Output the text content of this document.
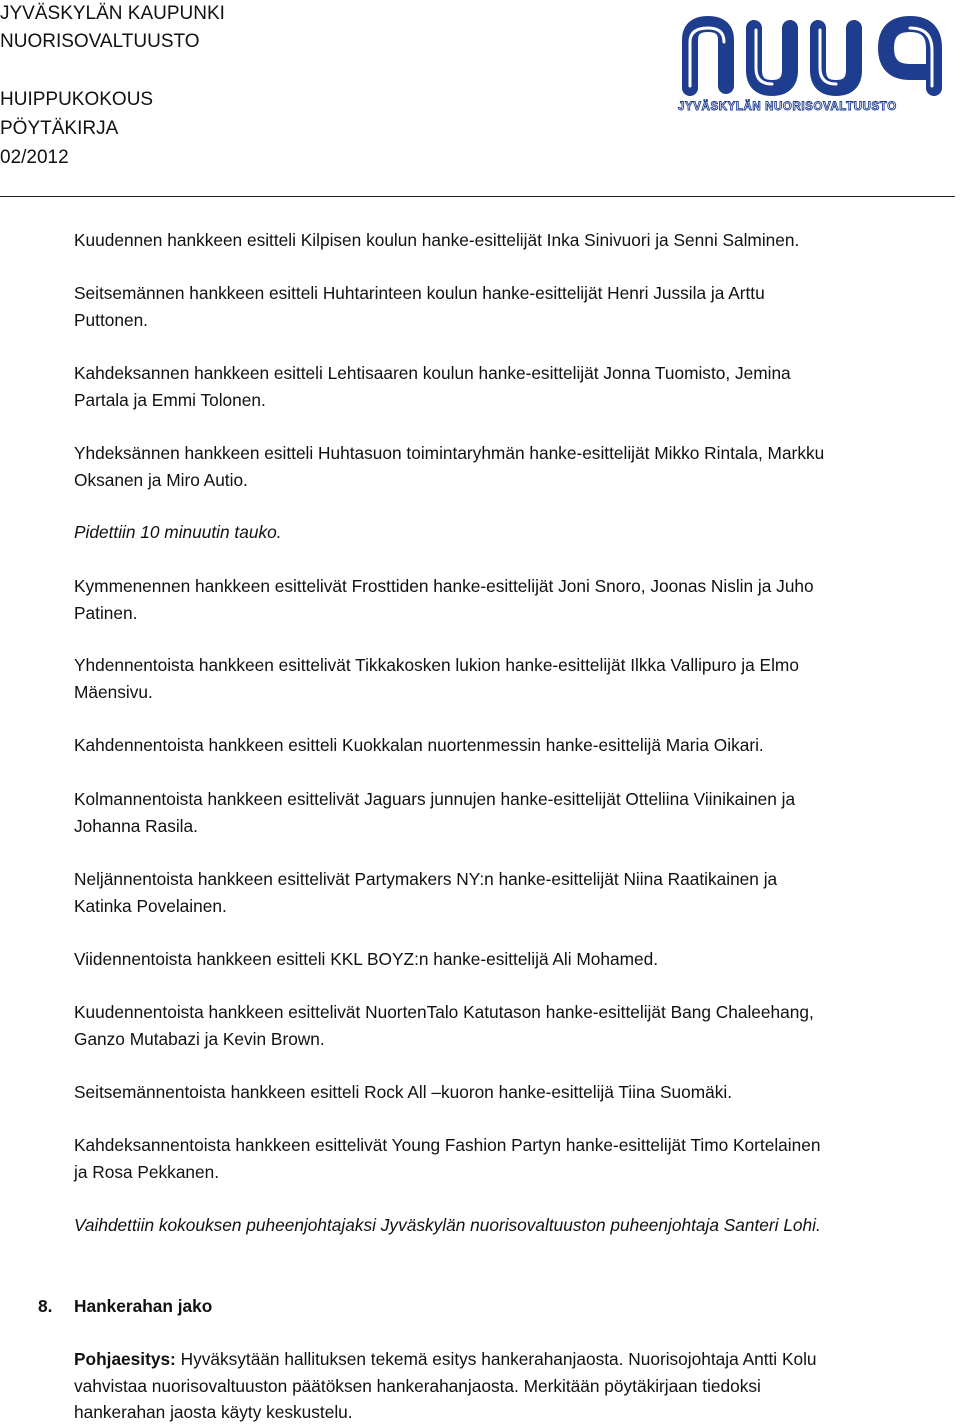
JYVÄSKYLÄN KAUPUNKI
NUORISOVALTUUSTO
HUIPPUKOKOUS
PÖYTÄKIRJA
02/2012
JYVÄSKYLÄN NUORISOVALTUUSTO
Kuudennen hankkeen esitteli Kilpisen koulun hanke-esittelijät Inka Sinivuori ja Senni Salminen.
Seitsemännen hankkeen esitteli Huhtarinteen koulun hanke-esittelijät Henri Jussila ja Arttu
Puttonen.
Kahdeksannen hankkeen esitteli Lehtisaaren koulun hanke-esittelijät Jonna Tuomisto, Jemina
Partala ja Emmi Tolonen.
Yhdeksännen hankkeen esitteli Huhtasuon toimintaryhmän hanke-esittelijät Mikko Rintala, Markku
Oksanen ja Miro Autio.
Pidettiin 10 minuutin tauko.
Kymmenennen hankkeen esittelivät Frosttiden hanke-esittelijät Joni Snoro, Joonas Nislin ja Juho
Patinen.
Yhdennentoista hankkeen esittelivät Tikkakosken lukion hanke-esittelijät Ilkka Vallipuro ja Elmo
Mäensivu.
Kahdennentoista hankkeen esitteli Kuokkalan nuortenmessin hanke-esittelijä Maria Oikari.
Kolmannentoista hankkeen esittelivät Jaguars junnujen hanke-esittelijät Otteliina Viinikainen ja
Johanna Rasila.
Neljännentoista hankkeen esittelivät Partymakers NY:n hanke-esittelijät Niina Raatikainen ja
Katinka Povelainen.
Viidennentoista hankkeen esitteli KKL BOYZ:n hanke-esittelijä Ali Mohamed.
Kuudennentoista hankkeen esittelivät NuortenTalo Katutason hanke-esittelijät Bang Chaleehang,
Ganzo Mutabazi ja Kevin Brown.
Seitsemännentoista hankkeen esitteli Rock All –kuoron hanke-esittelijä Tiina Suomäki.
Kahdeksannentoista hankkeen esittelivät Young Fashion Partyn hanke-esittelijät Timo Kortelainen
ja Rosa Pekkanen.
Vaihdettiin kokouksen puheenjohtajaksi Jyväskylän nuorisovaltuuston puheenjohtaja Santeri Lohi.
8. Hankerahan jako
Pohjaesitys: Hyväksytään hallituksen tekemä esitys hankerahanjaosta. Nuorisojohtaja Antti Kolu
vahvistaa nuorisovaltuuston päätöksen hankerahanjaosta. Merkitään pöytäkirjaan tiedoksi
hankerahan jaosta käyty keskustelu.
